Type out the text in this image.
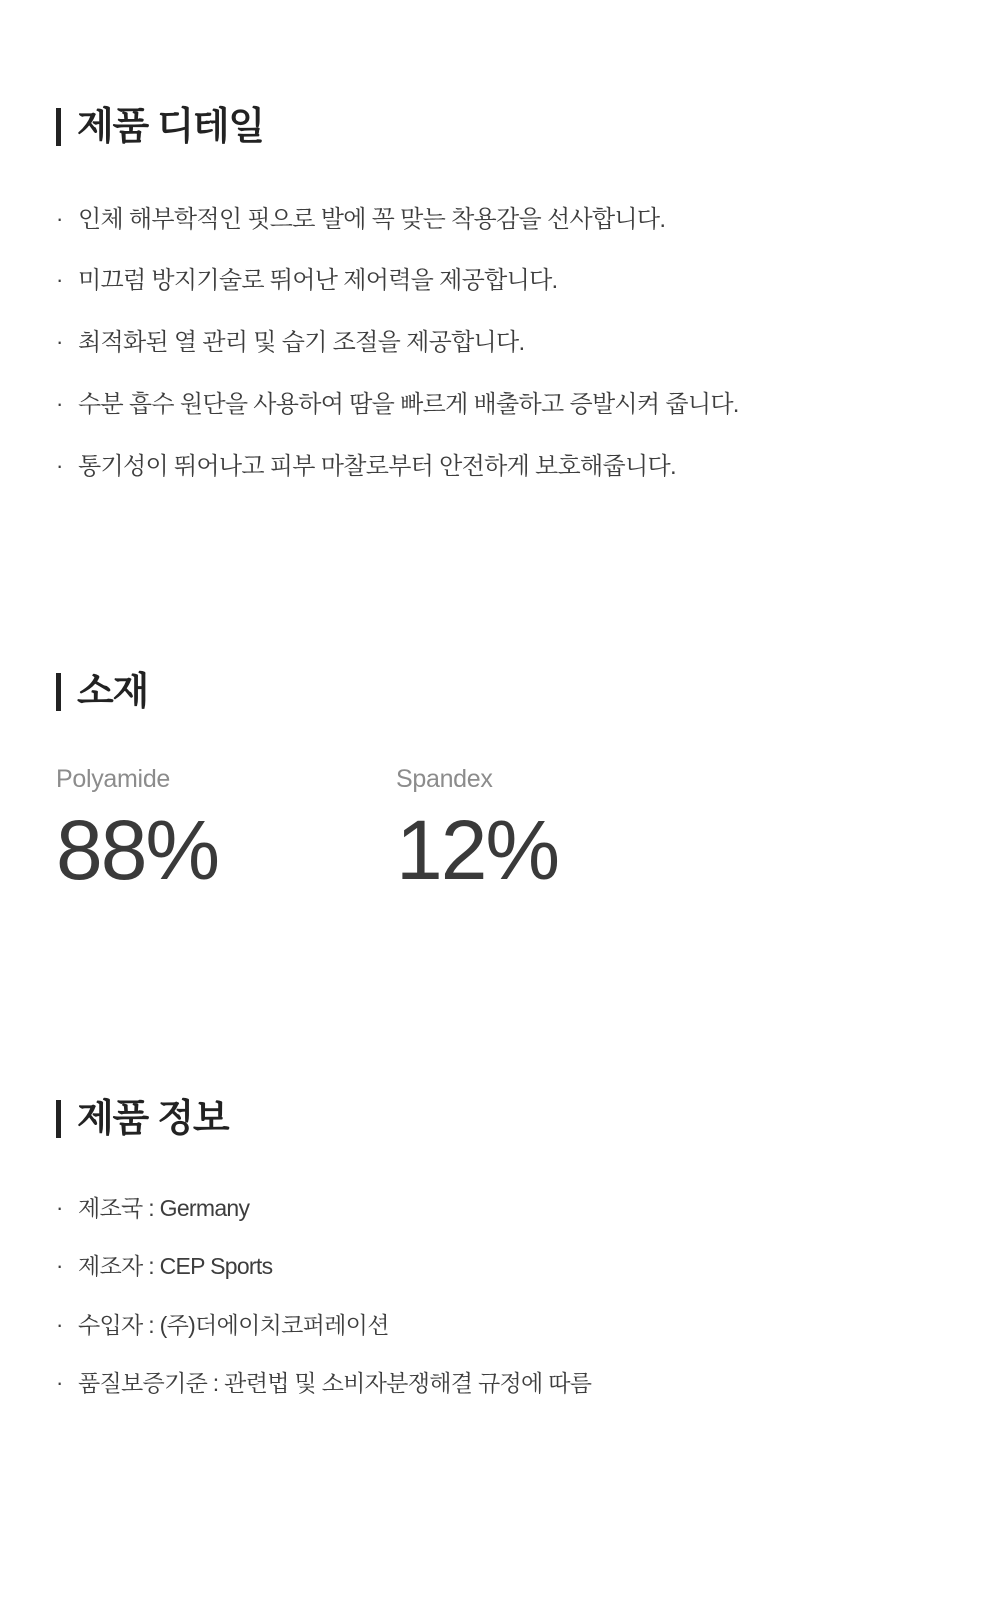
제품 디테일
· 인체 해부학적인 핏으로 발에 꼭 맞는 착용감을 선사합니다.
· 미끄럼 방지기술로 뛰어난 제어력을 제공합니다.
· 최적화된 열 관리 및 습기 조절을 제공합니다.
· 수분 흡수 원단을 사용하여 땀을 빠르게 배출하고 증발시켜 줍니다.
· 통기성이 뛰어나고 피부 마찰로부터 안전하게 보호해줍니다.
소재
Polyamide
88%
Spandex
12%
제품 정보
· 제조국 : Germany
· 제조자 : CEP Sports
· 수입자 : (주)더에이치코퍼레이션
· 품질보증기준 : 관련법 및 소비자분쟁해결 규정에 따름
